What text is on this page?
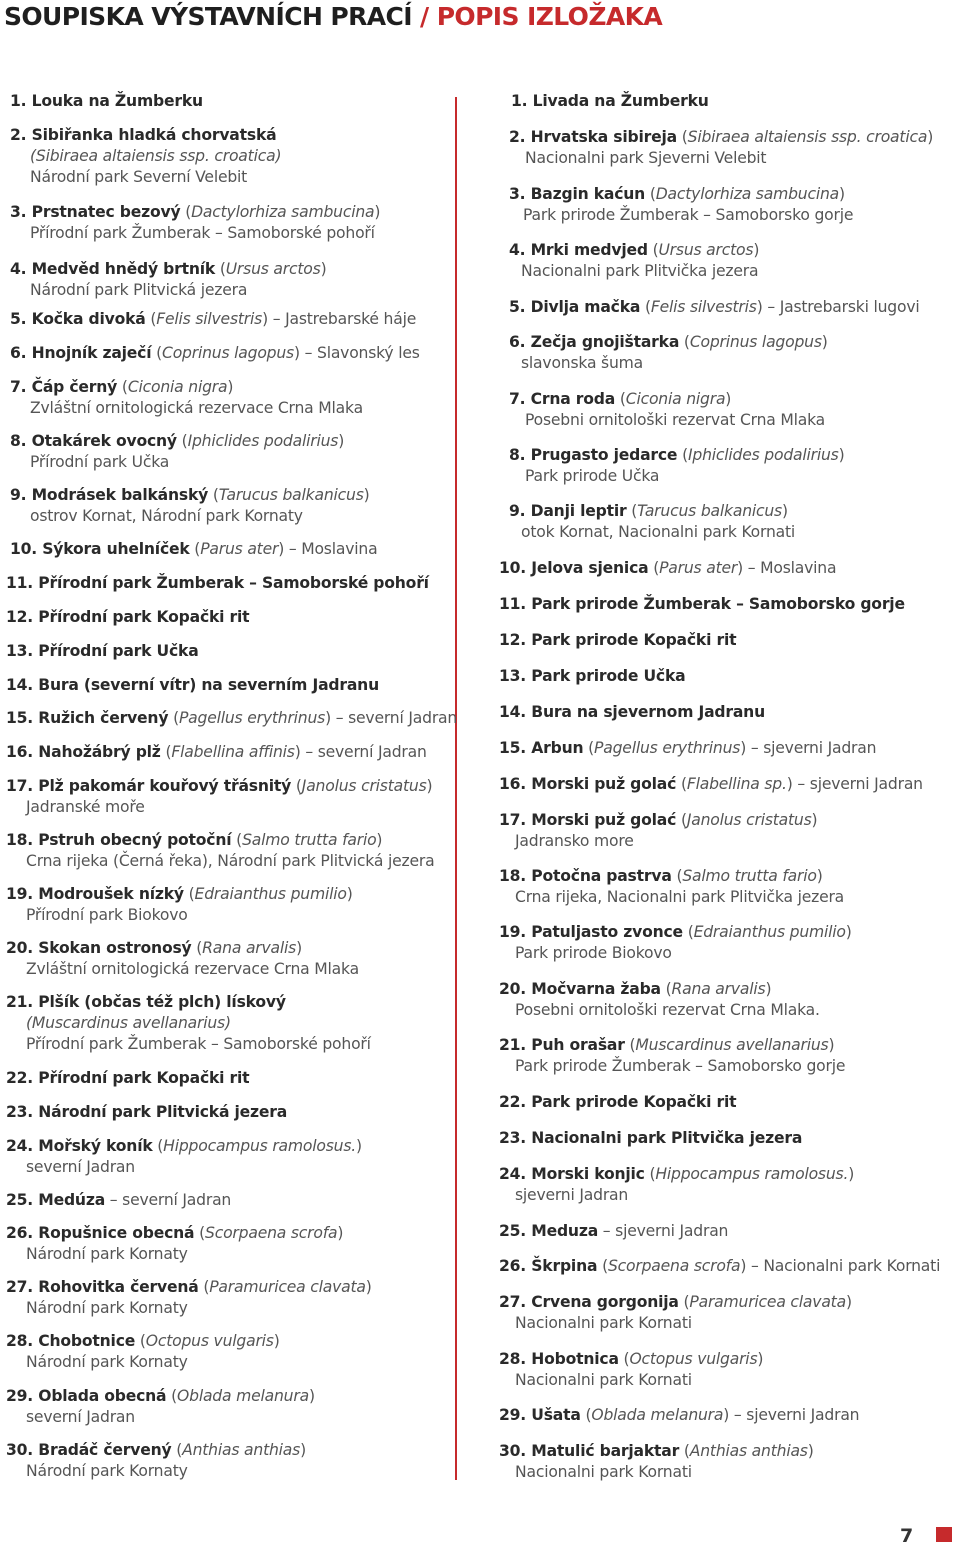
SOUPISKA VÝSTAVNÍCH PRACÍ / POPIS IZLOŽAKA
1. Louka na Žumberku
2. Sibiřanka hladká chorvatská
(Sibiraea altaiensis ssp. croatica)
Národní park Severní Velebit
3. Prstnatec bezový (Dactylorhiza sambucina)
Přírodní park Žumberak – Samoborské pohoří
4. Medvěd hnědý brtník (Ursus arctos)
Národní park Plitvická jezera
5. Kočka divoká (Felis silvestris) – Jastrebarské háje
6. Hnojník zaječí (Coprinus lagopus) – Slavonský les
7. Čáp černý (Ciconia nigra)
Zvláštní ornitologická rezervace Crna Mlaka
8. Otakárek ovocný (Iphiclides podalirius)
Přírodní park Učka
9. Modrásek balkánský (Tarucus balkanicus)
ostrov Kornat, Národní park Kornaty
10. Sýkora uhelníček (Parus ater) – Moslavina
11. Přírodní park Žumberak – Samoborské pohoří
12. Přírodní park Kopački rit
13. Přírodní park Učka
14. Bura (severní vítr) na severním Jadranu
15. Ružich červený (Pagellus erythrinus) – severní Jadran
16. Nahožábrý plž (Flabellina affinis) – severní Jadran
17. Plž pakomár kouřový třásnitý (Janolus cristatus)
Jadranské moře
18. Pstruh obecný potoční (Salmo trutta fario)
Crna rijeka (Černá řeka), Národní park Plitvická jezera
19. Modroušek nízký (Edraianthus pumilio)
Přírodní park Biokovo
20. Skokan ostronosý (Rana arvalis)
Zvláštní ornitologická rezervace Crna Mlaka
21. Plšík (občas též plch) lískový
(Muscardinus avellanarius)
Přírodní park Žumberak – Samoborské pohoří
22. Přírodní park Kopački rit
23. Národní park Plitvická jezera
24. Mořský koník (Hippocampus ramolosus.)
severní Jadran
25. Medúza – severní Jadran
26. Ropušnice obecná (Scorpaena scrofa)
Národní park Kornaty
27. Rohovitka červená (Paramuricea clavata)
Národní park Kornaty
28. Chobotnice (Octopus vulgaris)
Národní park Kornaty
29. Oblada obecná (Oblada melanura)
severní Jadran
30. Bradáč červený (Anthias anthias)
Národní park Kornaty
1. Livada na Žumberku
2. Hrvatska sibireja (Sibiraea altaiensis ssp. croatica)
Nacionalni park Sjeverni Velebit
3. Bazgin kaćun (Dactylorhiza sambucina)
Park prirode Žumberak – Samoborsko gorje
4. Mrki medvjed (Ursus arctos)
Nacionalni park Plitvička jezera
5. Divlja mačka (Felis silvestris) – Jastrebarski lugovi
6. Zečja gnojištarka (Coprinus lagopus)
slavonska šuma
7. Crna roda (Ciconia nigra)
Posebni ornitološki rezervat Crna Mlaka
8. Prugasto jedarce (Iphiclides podalirius)
Park prirode Učka
9. Danji leptir (Tarucus balkanicus)
otok Kornat, Nacionalni park Kornati
10. Jelova sjenica (Parus ater) – Moslavina
11. Park prirode Žumberak – Samoborsko gorje
12. Park prirode Kopački rit
13. Park prirode Učka
14. Bura na sjevernom Jadranu
15. Arbun (Pagellus erythrinus) – sjeverni Jadran
16. Morski puž golać (Flabellina sp.) – sjeverni Jadran
17. Morski puž golać (Janolus cristatus)
Jadransko more
18. Potočna pastrva (Salmo trutta fario)
Crna rijeka, Nacionalni park Plitvička jezera
19. Patuljasto zvonce (Edraianthus pumilio)
Park prirode Biokovo
20. Močvarna žaba (Rana arvalis)
Posebni ornitološki rezervat Crna Mlaka.
21. Puh orašar (Muscardinus avellanarius)
Park prirode Žumberak – Samoborsko gorje
22. Park prirode Kopački rit
23. Nacionalni park Plitvička jezera
24. Morski konjic (Hippocampus ramolosus.)
sjeverni Jadran
25. Meduza – sjeverni Jadran
26. Škrpina (Scorpaena scrofa) – Nacionalni park Kornati
27. Crvena gorgonija (Paramuricea clavata)
Nacionalni park Kornati
28. Hobotnica (Octopus vulgaris)
Nacionalni park Kornati
29. Ušata (Oblada melanura) – sjeverni Jadran
30. Matulić barjaktar (Anthias anthias)
Nacionalni park Kornati
7
